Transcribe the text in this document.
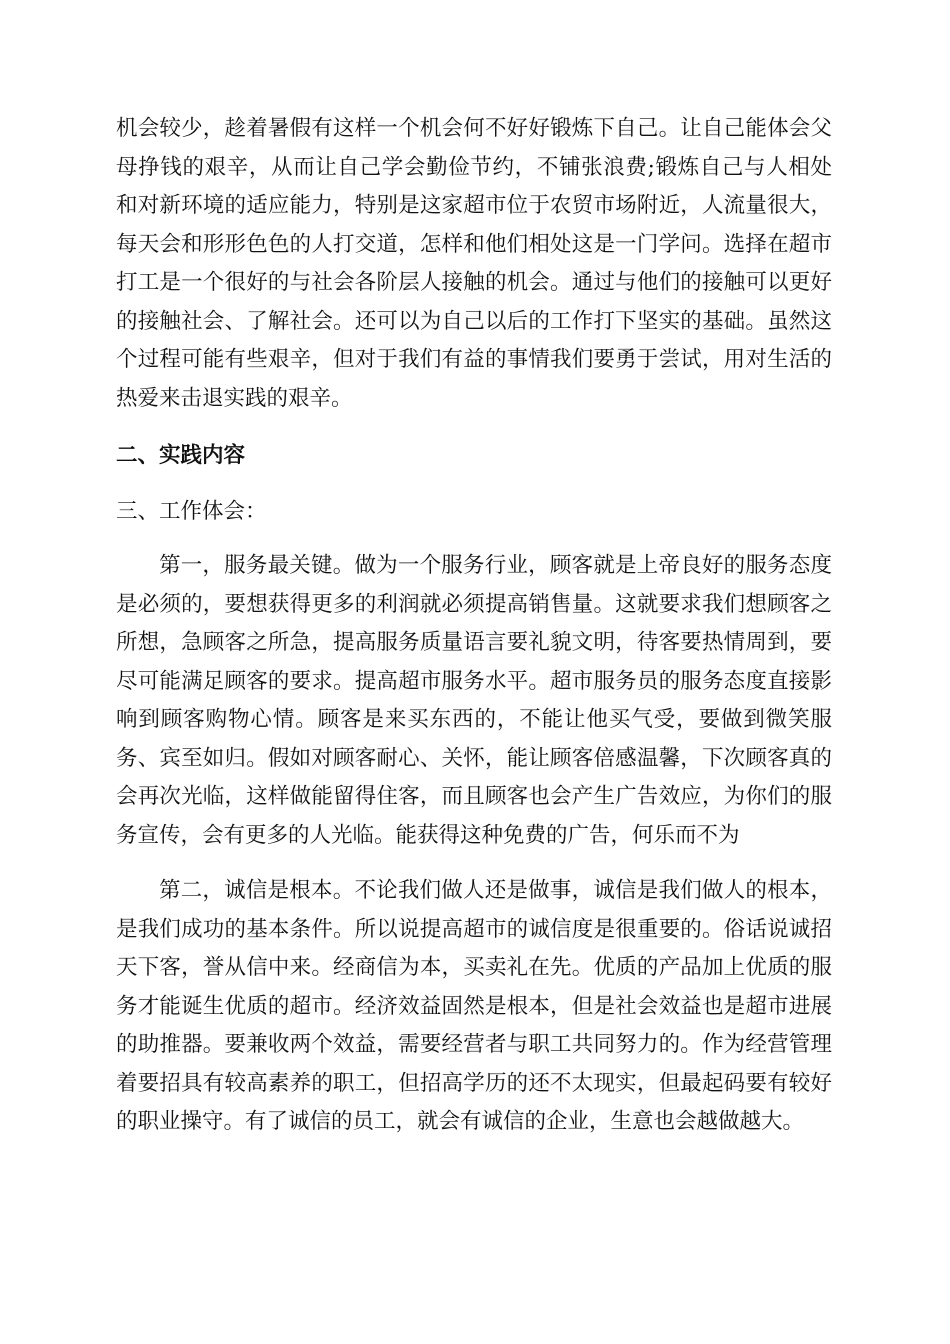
机会较少，趁着暑假有这样一个机会何不好好锻炼下自己。让自己能体会父母挣钱的艰辛，从而让自己学会勤俭节约，不铺张浪费;锻炼自己与人相处和对新环境的适应能力，特别是这家超市位于农贸市场附近，人流量很大，每天会和形形色色的人打交道，怎样和他们相处这是一门学问。选择在超市打工是一个很好的与社会各阶层人接触的机会。通过与他们的接触可以更好的接触社会、了解社会。还可以为自己以后的工作打下坚实的基础。虽然这个过程可能有些艰辛，但对于我们有益的事情我们要勇于尝试，用对生活的热爱来击退实践的艰辛。

二、实践内容

三、工作体会：

第一，服务最关键。做为一个服务行业，顾客就是上帝良好的服务态度是必须的，要想获得更多的利润就必须提高销售量。这就要求我们想顾客之所想，急顾客之所急，提高服务质量语言要礼貌文明，待客要热情周到，要尽可能满足顾客的要求。提高超市服务水平。超市服务员的服务态度直接影响到顾客购物心情。顾客是来买东西的，不能让他买气受，要做到微笑服务、宾至如归。假如对顾客耐心、关怀，能让顾客倍感温馨，下次顾客真的会再次光临，这样做能留得住客，而且顾客也会产生广告效应，为你们的服务宣传，会有更多的人光临。能获得这种免费的广告，何乐而不为

第二，诚信是根本。不论我们做人还是做事，诚信是我们做人的根本，是我们成功的基本条件。所以说提高超市的诚信度是很重要的。俗话说诚招天下客，誉从信中来。经商信为本，买卖礼在先。优质的产品加上优质的服务才能诞生优质的超市。经济效益固然是根本，但是社会效益也是超市进展的助推器。要兼收两个效益，需要经营者与职工共同努力的。作为经营管理着要招具有较高素养的职工，但招高学历的还不太现实，但最起码要有较好的职业操守。有了诚信的员工，就会有诚信的企业，生意也会越做越大。
